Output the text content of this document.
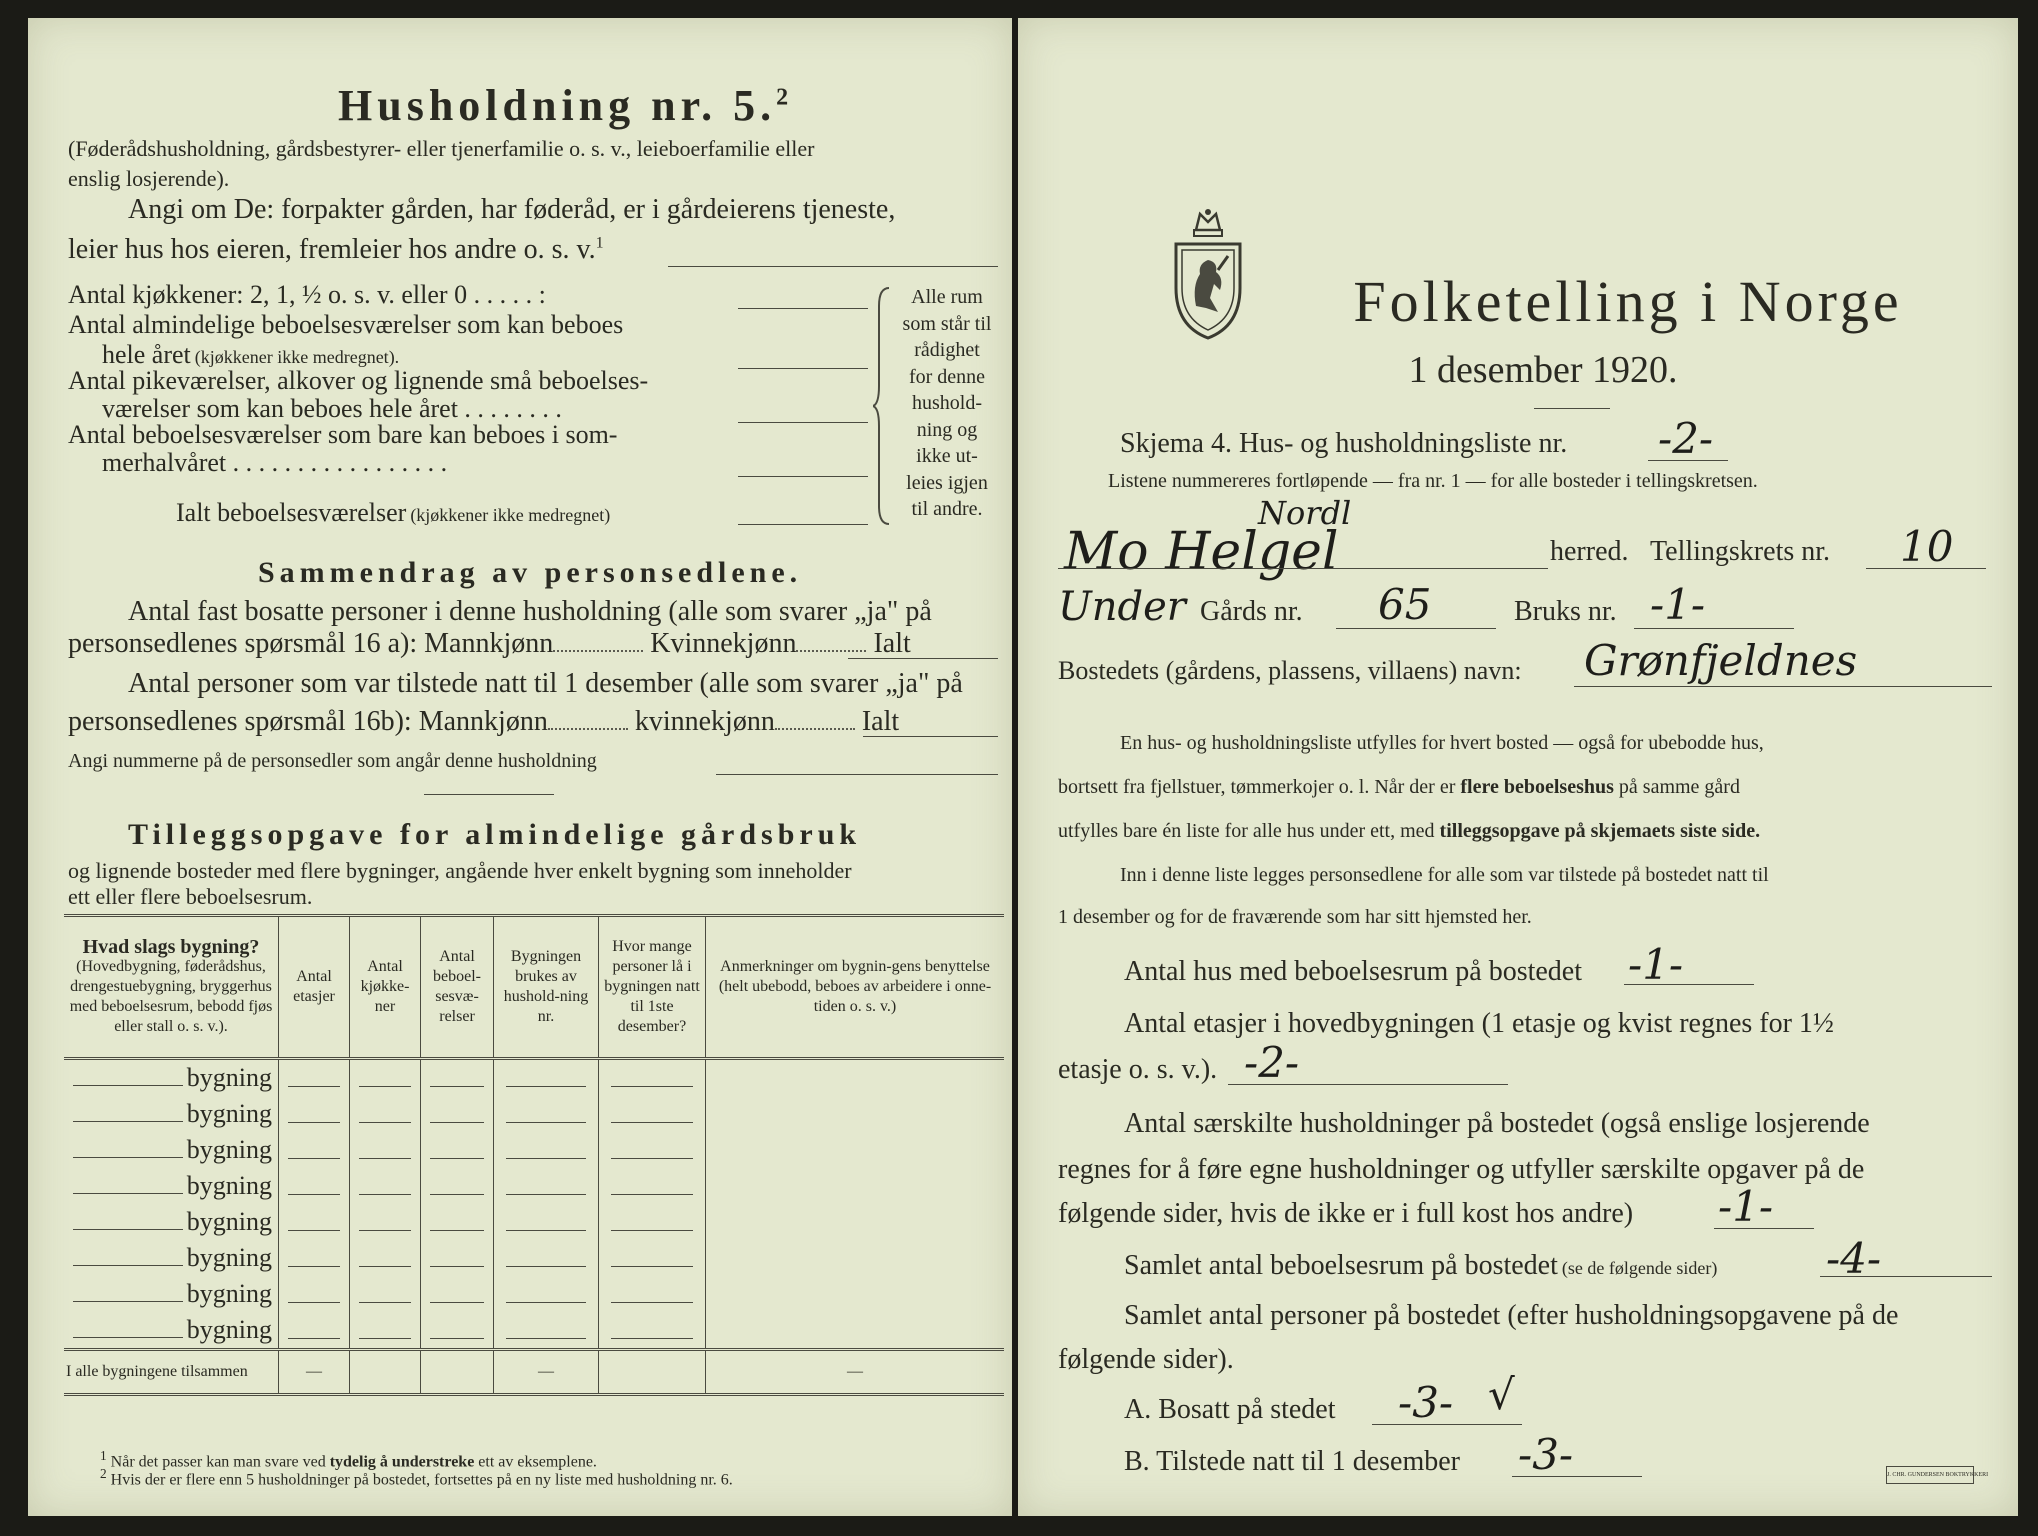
Husholdning nr. 5.$^2$
(Føderådshusholdning, gårdsbestyrer- eller tjenerfamilie o. s. v., leieboerfamilie eller
enslig losjerende).
Angi om De: forpakter gården, har føderåd, er i gårdeierens tjeneste,
leier hus hos eieren, fremleier hos andre o. s. v.$^1$
Antal kjøkkener: 2, 1, ½ o. s. v. eller 0 . . . . . :
Antal almindelige beboelsesværelser som kan beboes
hele året (kjøkkener ikke medregnet).
Antal pikeværelser, alkover og lignende små beboelses-
værelser som kan beboes hele året . . . . . . . .
Antal beboelsesværelser som bare kan beboes i som-
merhalvåret . . . . . . . . . . . . . . . . .
Ialt beboelsesværelser (kjøkkener ikke medregnet)
Alle rum
som står til
rådighet
for denne
hushold-
ning og
ikke ut-
leies igjen
til andre.
Sammendrag av personsedlene.
Antal fast bosatte personer i denne husholdning (alle som svarer „ja" på
personsedlenes spørsmål 16 a): Mannkjønn	Kvinnekjønn	Ialt
Antal personer som var tilstede natt til 1 desember (alle som svarer „ja" på
personsedlenes spørsmål 16b): Mannkjønn	kvinnekjønn	Ialt
Angi nummerne på de personsedler som angår denne husholdning
Tilleggsopgave for almindelige gårdsbruk
og lignende bosteder med flere bygninger, angående hver enkelt bygning som inneholder
ett eller flere beboelsesrum.
Hvad slags bygning?
(Hovedbygning, føderådshus, drengestuebygning, bryggerhus med beboelsesrum, bebodd fjøs eller stall o. s. v.).	Antal etasjer	Antal kjøkke-ner	Antal beboel-sesvæ-relser	Bygningen brukes av hushold-ning nr.	Hvor mange personer lå i bygningen natt til 1ste desember?	Anmerkninger om bygnin-gens benyttelse (helt ubebodd, beboes av arbeidere i onne-tiden o. s. v.)
bygning	

bygning	

bygning	

bygning	

bygning	

bygning	

bygning	

bygning	

I alle bygningene tilsammen	—			—		—
$^1$ Når det passer kan man svare ved tydelig å understreke ett av eksemplene.
$^2$ Hvis der er flere enn 5 husholdninger på bostedet, fortsettes på en ny liste med husholdning nr. 6.
Folketelling i Norge
1 desember 1920.
Skjema 4. Hus- og husholdningsliste nr. -2-
Listene nummereres fortløpende — fra nr. 1 — for alle bosteder i tellingskretsen.
Mo Helgel
Nordl
herred. Tellingskrets nr. 10
Under Gårds nr. 65	Bruks nr. -1-
Bostedets (gårdens, plassens, villaens) navn: Grønfjeldnes
En hus- og husholdningsliste utfylles for hvert bosted — også for ubebodde hus,
bortsett fra fjellstuer, tømmerkojer o. l. Når der er flere beboelseshus på samme gård
utfylles bare én liste for alle hus under ett, med tilleggsopgave på skjemaets siste side.
Inn i denne liste legges personsedlene for alle som var tilstede på bostedet natt til
1 desember og for de fraværende som har sitt hjemsted her.
Antal hus med beboelsesrum på bostedet -1-
Antal etasjer i hovedbygningen (1 etasje og kvist regnes for 1½
etasje o. s. v.). -2-
Antal særskilte husholdninger på bostedet (også enslige losjerende
regnes for å føre egne husholdninger og utfyller særskilte opgaver på de
følgende sider, hvis de ikke er i full kost hos andre) -1-
Samlet antal beboelsesrum på bostedet (se de følgende sider)	-4-
Samlet antal personer på bostedet (efter husholdningsopgavene på de
følgende sider).
A. Bosatt på stedet -3- √
B. Tilstede natt til 1 desember -3-	J. CHR. GUNDERSEN BOKTRYKKERI
